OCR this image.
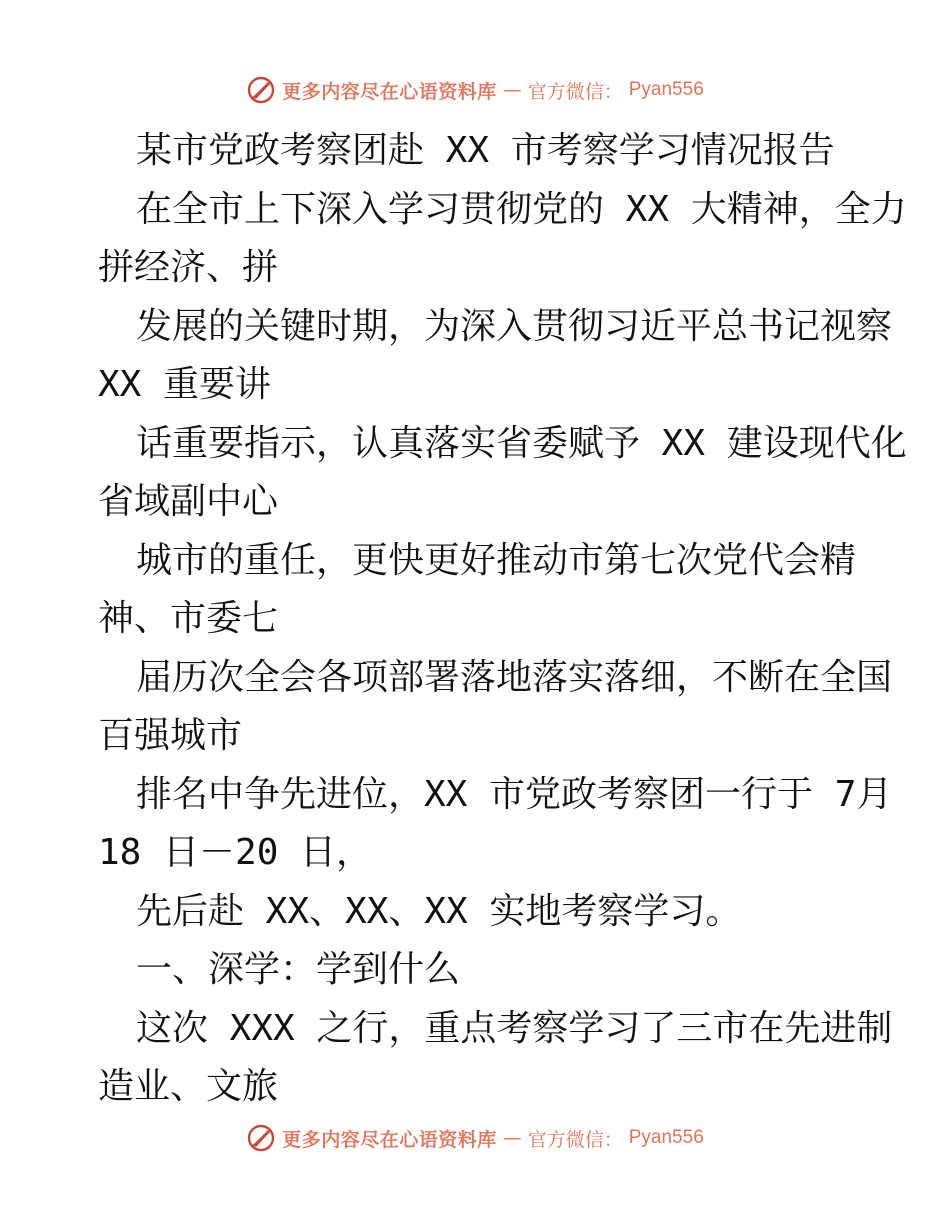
更多内容尽在心语资料库 — 官方微信： Pyan556
某市党政考察团赴 XX 市考察学习情况报告
在全市上下深入学习贯彻党的 XX 大精神，全力
拼经济、拼
发展的关键时期，为深入贯彻习近平总书记视察
XX 重要讲
话重要指示，认真落实省委赋予 XX 建设现代化
省域副中心
城市的重任，更快更好推动市第七次党代会精
神、市委七
届历次全会各项部署落地落实落细，不断在全国
百强城市
排名中争先进位，XX 市党政考察团一行于 7月
18 日－20 日，
先后赴 XX、XX、XX 实地考察学习。
一、深学：学到什么
这次 XXX 之行，重点考察学习了三市在先进制
造业、文旅
更多内容尽在心语资料库 — 官方微信： Pyan556
